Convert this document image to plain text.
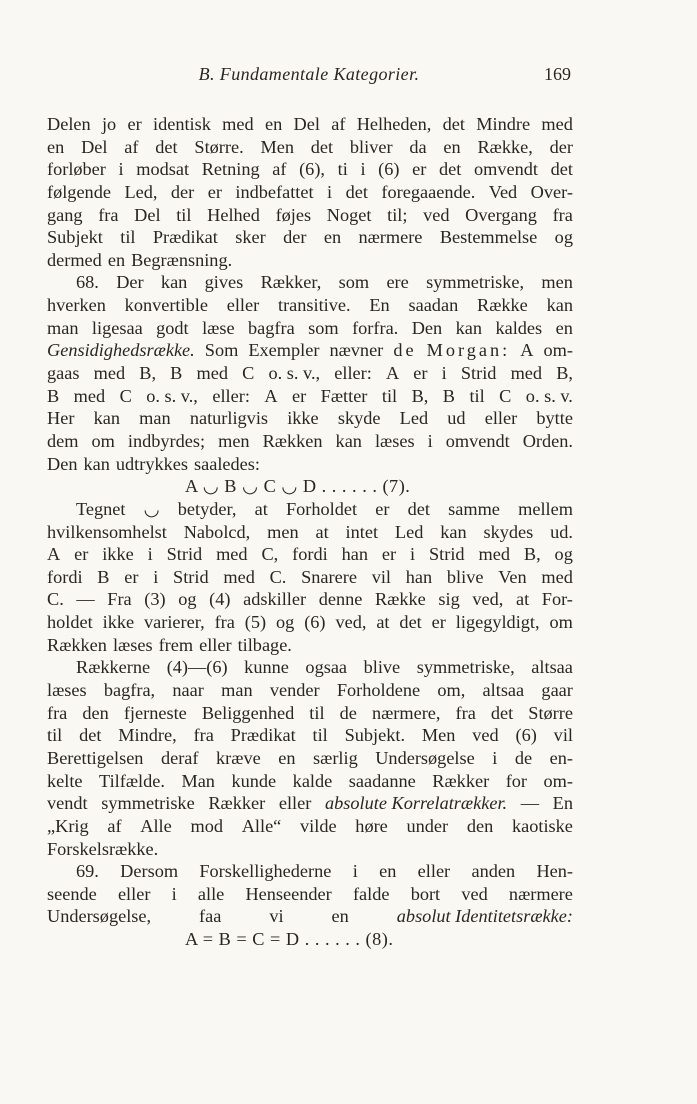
B. Fundamentale Kategorier.	169
Delen jo er identisk med en Del af Helheden, det Mindre med
en Del af det Større. Men det bliver da en Række, der
forløber i modsat Retning af (6), ti i (6) er det omvendt det
følgende Led, der er indbefattet i det foregaaende. Ved Over-
gang fra Del til Helhed føjes Noget til; ved Overgang fra
Subjekt til Prædikat sker der en nærmere Bestemmelse og
dermed en Begrænsning.
68. Der kan gives Rækker, som ere symmetriske, men
hverken konvertible eller transitive. En saadan Række kan
man ligesaa godt læse bagfra som forfra. Den kan kaldes en
Gensidighedsrække. Som Exempler nævner de Morgan: A om-
gaas med B, B med C o. s. v., eller: A er i Strid med B,
B med C o. s. v., eller: A er Fætter til B, B til C o. s. v.
Her kan man naturligvis ikke skyde Led ud eller bytte
dem om indbyrdes; men Rækken kan læses i omvendt Orden.
Den kan udtrykkes saaledes:
A ◡ B ◡ C ◡ D . . . . . . (7).
Tegnet ◡ betyder, at Forholdet er det samme mellem
hvilkensomhelst Nabolcd, men at intet Led kan skydes ud.
A er ikke i Strid med C, fordi han er i Strid med B, og
fordi B er i Strid med C. Snarere vil han blive Ven med
C. — Fra (3) og (4) adskiller denne Række sig ved, at For-
holdet ikke varierer, fra (5) og (6) ved, at det er ligegyldigt, om
Rækken læses frem eller tilbage.
Rækkerne (4)—(6) kunne ogsaa blive symmetriske, altsaa
læses bagfra, naar man vender Forholdene om, altsaa gaar
fra den fjerneste Beliggenhed til de nærmere, fra det Større
til det Mindre, fra Prædikat til Subjekt. Men ved (6) vil
Berettigelsen deraf kræve en særlig Undersøgelse i de en-
kelte Tilfælde. Man kunde kalde saadanne Rækker for om-
vendt symmetriske Rækker eller absolute Korrelatrækker. — En
„Krig af Alle mod Alle“ vilde høre under den kaotiske
Forskelsrække.
69. Dersom Forskellighederne i en eller anden Hen-
seende eller i alle Henseender falde bort ved nærmere
Undersøgelse,	faa	vi	en	absolut Identitetsrække:
A = B = C = D . . . . . . (8).
